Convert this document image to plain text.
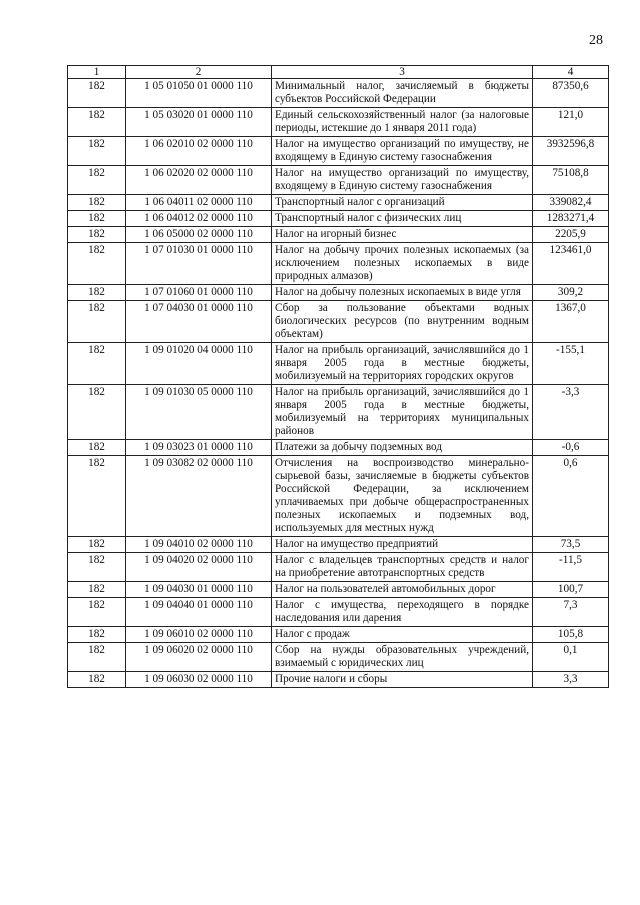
28
1	2	3	4
182	1 05 01050 01 0000 110	Минимальный налог, зачисляемый в бюджеты субъектов Российской Федерации	87350,6
182	1 05 03020 01 0000 110	Единый сельскохозяйственный налог (за налоговые периоды, истекшие до 1 января 2011 года)	121,0
182	1 06 02010 02 0000 110	Налог на имущество организаций по имуществу, не входящему в Единую систему газоснабжения	3932596,8
182	1 06 02020 02 0000 110	Налог на имущество организаций по имуществу, входящему в Единую систему газоснабжения	75108,8
182	1 06 04011 02 0000 110	Транспортный налог с организаций	339082,4
182	1 06 04012 02 0000 110	Транспортный налог с физических лиц	1283271,4
182	1 06 05000 02 0000 110	Налог на игорный бизнес	2205,9
182	1 07 01030 01 0000 110	Налог на добычу прочих полезных ископаемых (за исключением полезных ископаемых в виде природных алмазов)	123461,0
182	1 07 01060 01 0000 110	Налог на добычу полезных ископаемых в виде угля	309,2
182	1 07 04030 01 0000 110	Сбор за пользование объектами водных биологических ресурсов (по внутренним водным объектам)	1367,0
182	1 09 01020 04 0000 110	Налог на прибыль организаций, зачислявшийся до 1 января 2005 года в местные бюджеты, мобилизуемый на территориях городских округов	-155,1
182	1 09 01030 05 0000 110	Налог на прибыль организаций, зачислявшийся до 1 января 2005 года в местные бюджеты, мобилизуемый на территориях муниципальных районов	-3,3
182	1 09 03023 01 0000 110	Платежи за добычу подземных вод	-0,6
182	1 09 03082 02 0000 110	Отчисления на воспроизводство минерально-сырьевой базы, зачисляемые в бюджеты субъектов Российской Федерации, за исключением уплачиваемых при добыче общераспространенных полезных ископаемых и подземных вод, используемых для местных нужд	0,6
182	1 09 04010 02 0000 110	Налог на имущество предприятий	73,5
182	1 09 04020 02 0000 110	Налог с владельцев транспортных средств и налог на приобретение автотранспортных средств	-11,5
182	1 09 04030 01 0000 110	Налог на пользователей автомобильных дорог	100,7
182	1 09 04040 01 0000 110	Налог с имущества, переходящего в порядке наследования или дарения	7,3
182	1 09 06010 02 0000 110	Налог с продаж	105,8
182	1 09 06020 02 0000 110	Сбор на нужды образовательных учреждений, взимаемый с юридических лиц	0,1
182	1 09 06030 02 0000 110	Прочие налоги и сборы	3,3
